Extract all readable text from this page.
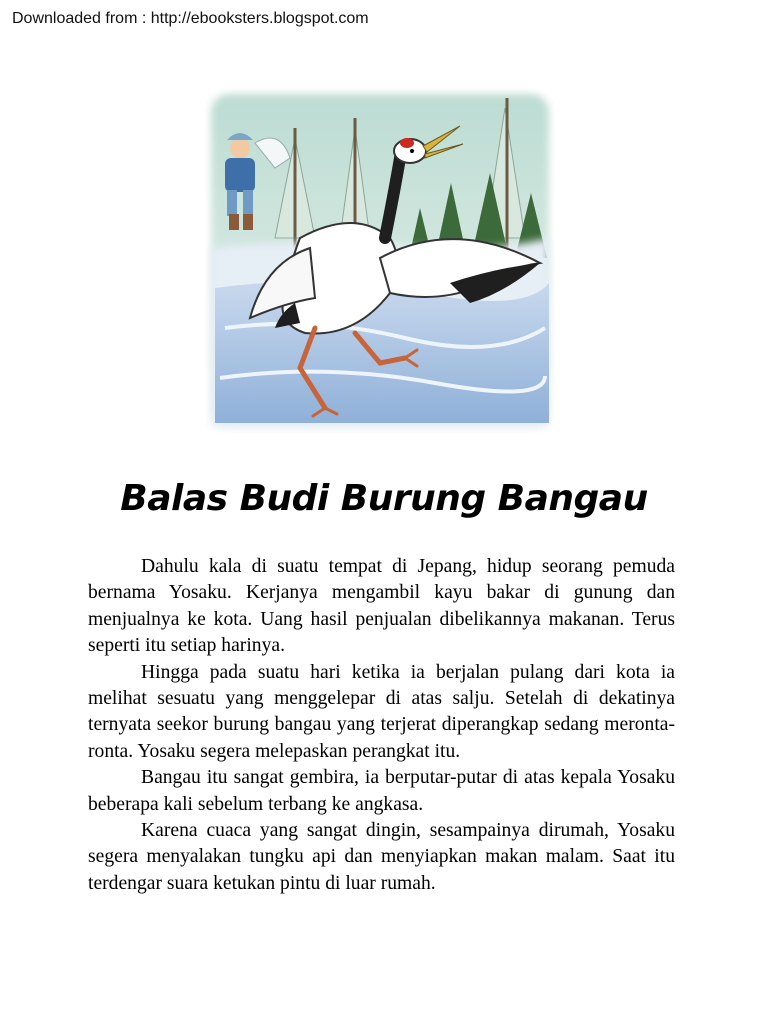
Downloaded from : http://ebooksters.blogspot.com
Balas Budi Burung Bangau

Dahulu kala di suatu tempat di Jepang, hidup seorang pemuda bernama Yosaku. Kerjanya mengambil kayu bakar di gunung dan menjualnya ke kota. Uang hasil penjualan dibelikannya makanan. Terus seperti itu setiap harinya.

Hingga pada suatu hari ketika ia berjalan pulang dari kota ia melihat sesuatu yang menggelepar di atas salju. Setelah di dekatinya ternyata seekor burung bangau yang terjerat diperangkap sedang meronta-ronta. Yosaku segera melepaskan perangkat itu.

Bangau itu sangat gembira, ia berputar-putar di atas kepala Yosaku beberapa kali sebelum terbang ke angkasa.

Karena cuaca yang sangat dingin, sesampainya dirumah, Yosaku segera menyalakan tungku api dan menyiapkan makan malam. Saat itu terdengar suara ketukan pintu di luar rumah.
